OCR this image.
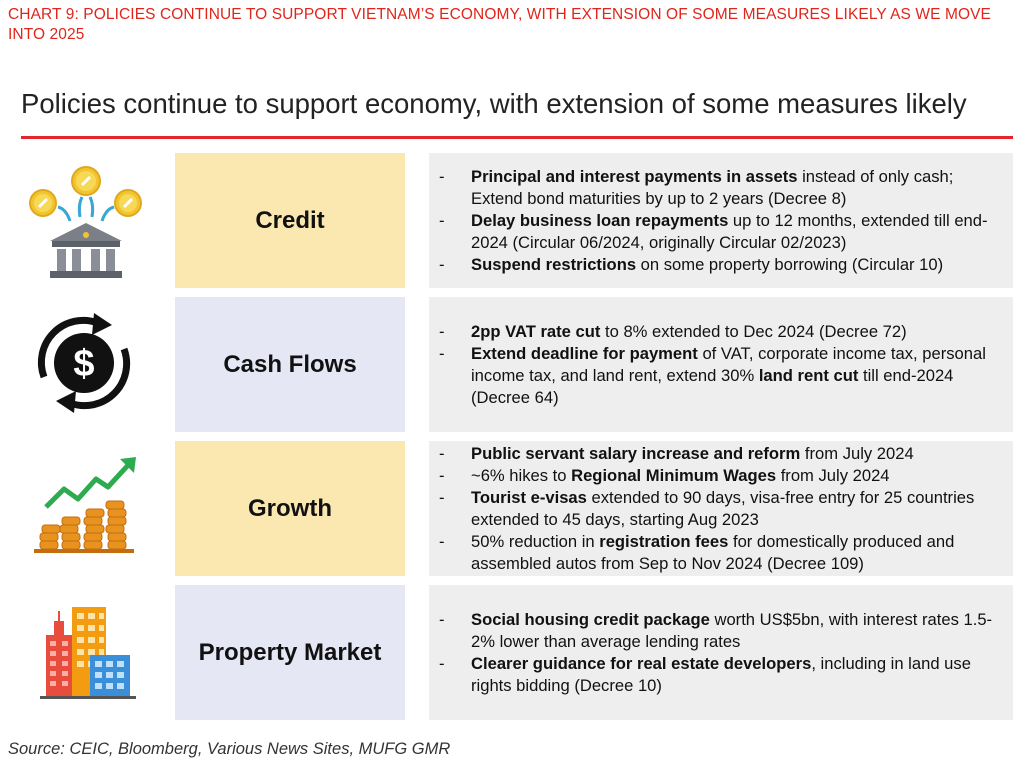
CHART 9: POLICIES CONTINUE TO SUPPORT VIETNAM’S ECONOMY, WITH EXTENSION OF SOME MEASURES LIKELY AS WE MOVE INTO 2025
Policies continue to support economy, with extension of some measures likely
Credit
-	Principal and interest payments in assets instead of only cash; Extend bond maturities by up to 2 years (Decree 8)
-	Delay business loan repayments up to 12 months, extended till end-2024 (Circular 06/2024, originally Circular 02/2023)
-	Suspend restrictions on some property borrowing (Circular 10)
$	Cash Flows
-	2pp VAT rate cut to 8% extended to Dec 2024 (Decree 72)
-	Extend deadline for payment of VAT, corporate income tax, personal income tax, and land rent, extend 30% land rent cut till end-2024 (Decree 64)
Growth
-	Public servant salary increase and reform from July 2024
-	~6% hikes to Regional Minimum Wages from July 2024
-	Tourist e-visas extended to 90 days, visa-free entry for 25 countries extended to 45 days, starting Aug 2023
-	50% reduction in registration fees for domestically produced and assembled autos from Sep to Nov 2024 (Decree 109)
Property Market
-	Social housing credit package worth US$5bn, with interest rates 1.5-2% lower than average lending rates
-	Clearer guidance for real estate developers, including in land use rights bidding (Decree 10)
Source: CEIC, Bloomberg, Various News Sites, MUFG GMR
